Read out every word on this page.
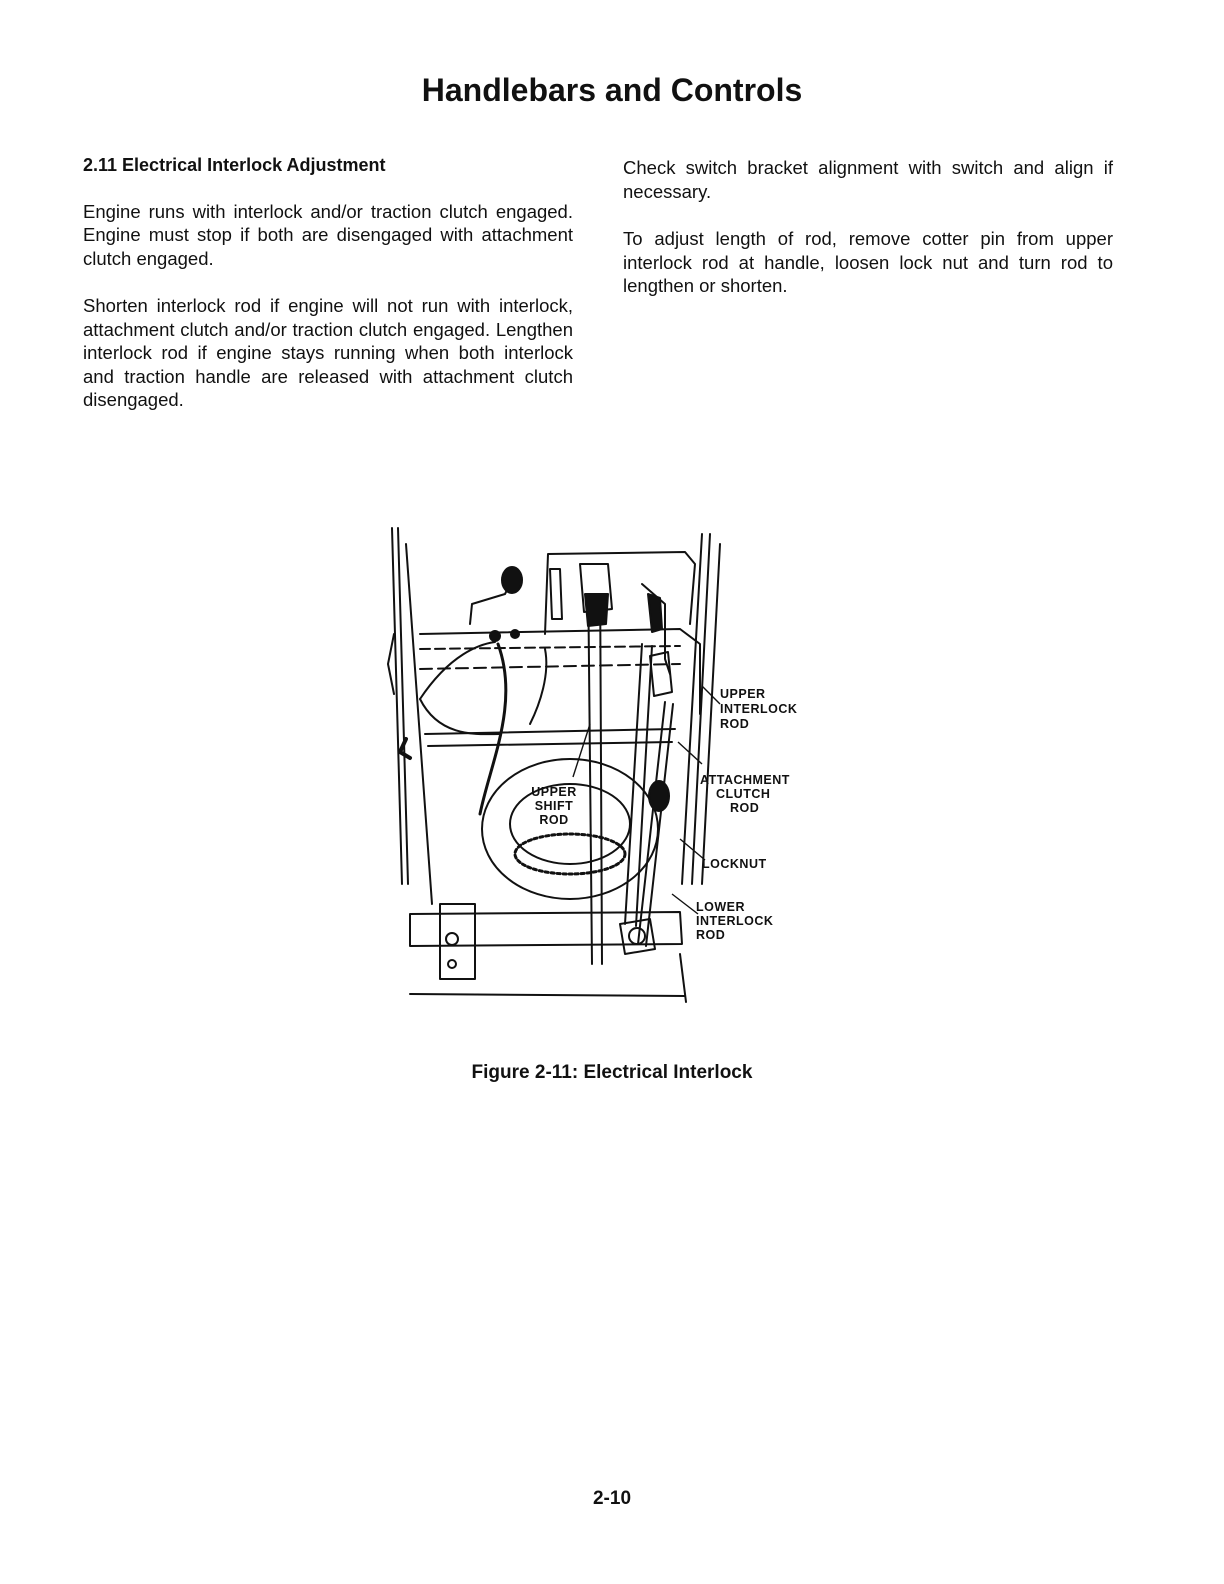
Handlebars and Controls
2.11 Electrical Interlock Adjustment

Engine runs with interlock and/or traction clutch engaged. Engine must stop if both are disengaged with attachment clutch engaged.

Shorten interlock rod if engine will not run with interlock, attachment clutch and/or traction clutch engaged. Lengthen interlock rod if engine stays running when both interlock and traction handle are released with attachment clutch disengaged.

Check switch bracket alignment with switch and align if necessary.

To adjust length of rod, remove cotter pin from upper interlock rod at handle, loosen lock nut and turn rod to lengthen or shorten.

UPPER
SHIFT
ROD
UPPER
INTERLOCK
ROD
ATTACHMENT
CLUTCH
ROD
LOCKNUT
LOWER
INTERLOCK
ROD
Figure 2-11: Electrical Interlock
2-10
